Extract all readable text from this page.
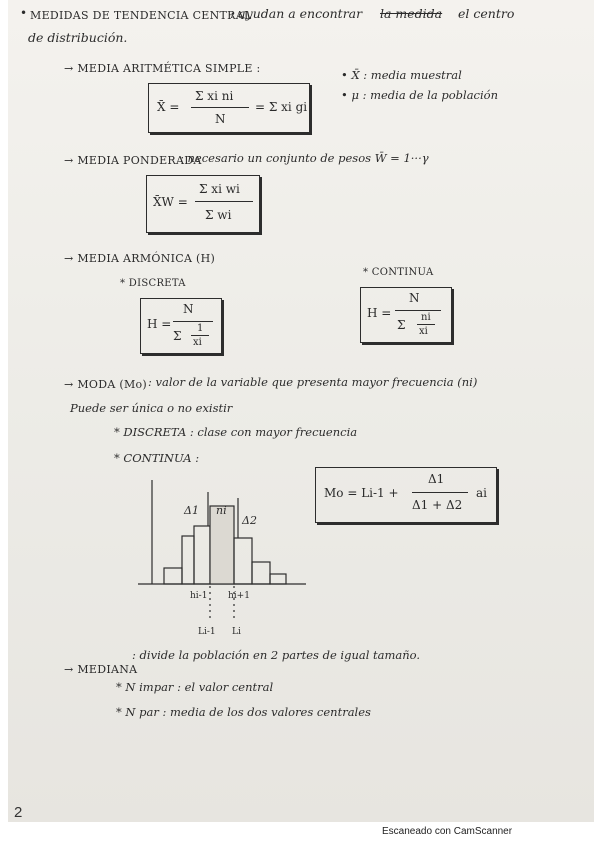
• MEDIDAS DE TENDENCIA CENTRAL
: ayudan a encontrar la medida el centro
de distribución.
→ MEDIA ARITMÉTICA SIMPLE :
X̄ =
Σ xi ni
N
= Σ xi gi
• X̄ : media muestral
• μ : media de la población
→ MEDIA PONDERADA
: necesario un conjunto de pesos W̄ = 1···γ
X̄W =
Σ xi wi
Σ wi
→ MEDIA ARMÓNICA (H)
* DISCRETA
* CONTINUA
H =
N
Σ
1
xi
H =
N
Σ
ni
xi
→ MODA (Mo) : valor de la variable que presenta mayor frecuencia (ni)
Puede ser única o no existir
* DISCRETA : clase con mayor frecuencia
* CONTINUA :
Mo = Li-1 +
Δ1
Δ1 + Δ2
ai
Δ1 ni
Δ2
hi-1 hi+1
Li-1 Li
→ MEDIANA
: divide la población en 2 partes de igual tamaño.
* N impar : el valor central
* N par : media de los dos valores centrales
2
Escaneado con CamScanner
